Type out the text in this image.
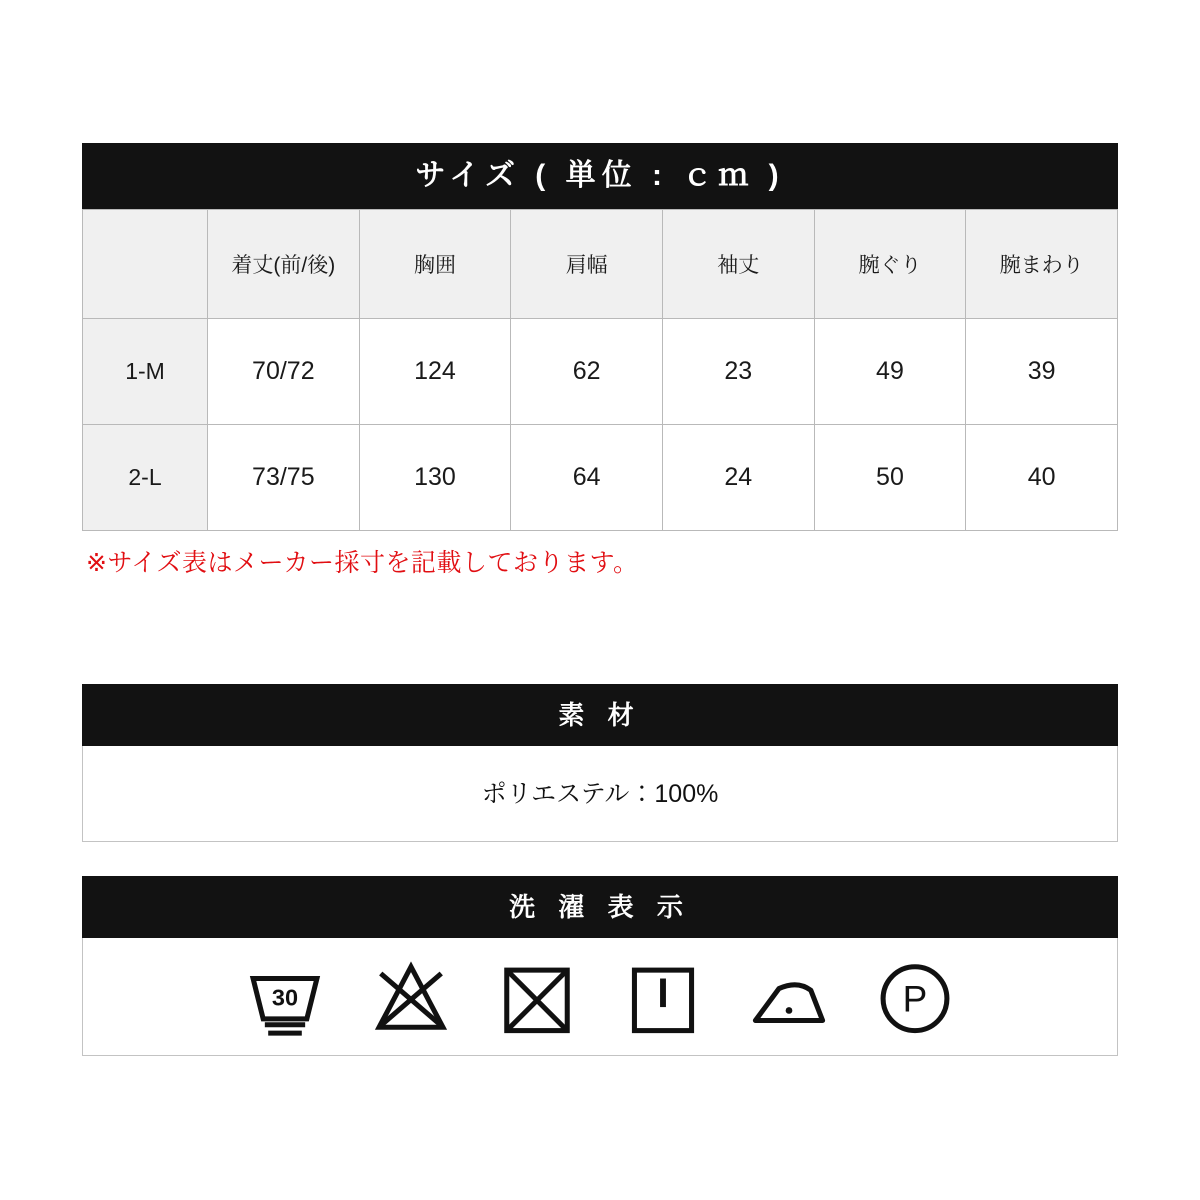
サイズ ( 単位 : ｃｍ )
	着丈(前/後)	胸囲	肩幅	袖丈	腕ぐり	腕まわり
1-M	70/72	124	62	23	49	39
2-L	73/75	130	64	24	50	40
※サイズ表はメーカー採寸を記載しております。
素 材
ポリエステル：100%
洗 濯 表 示
30	P
